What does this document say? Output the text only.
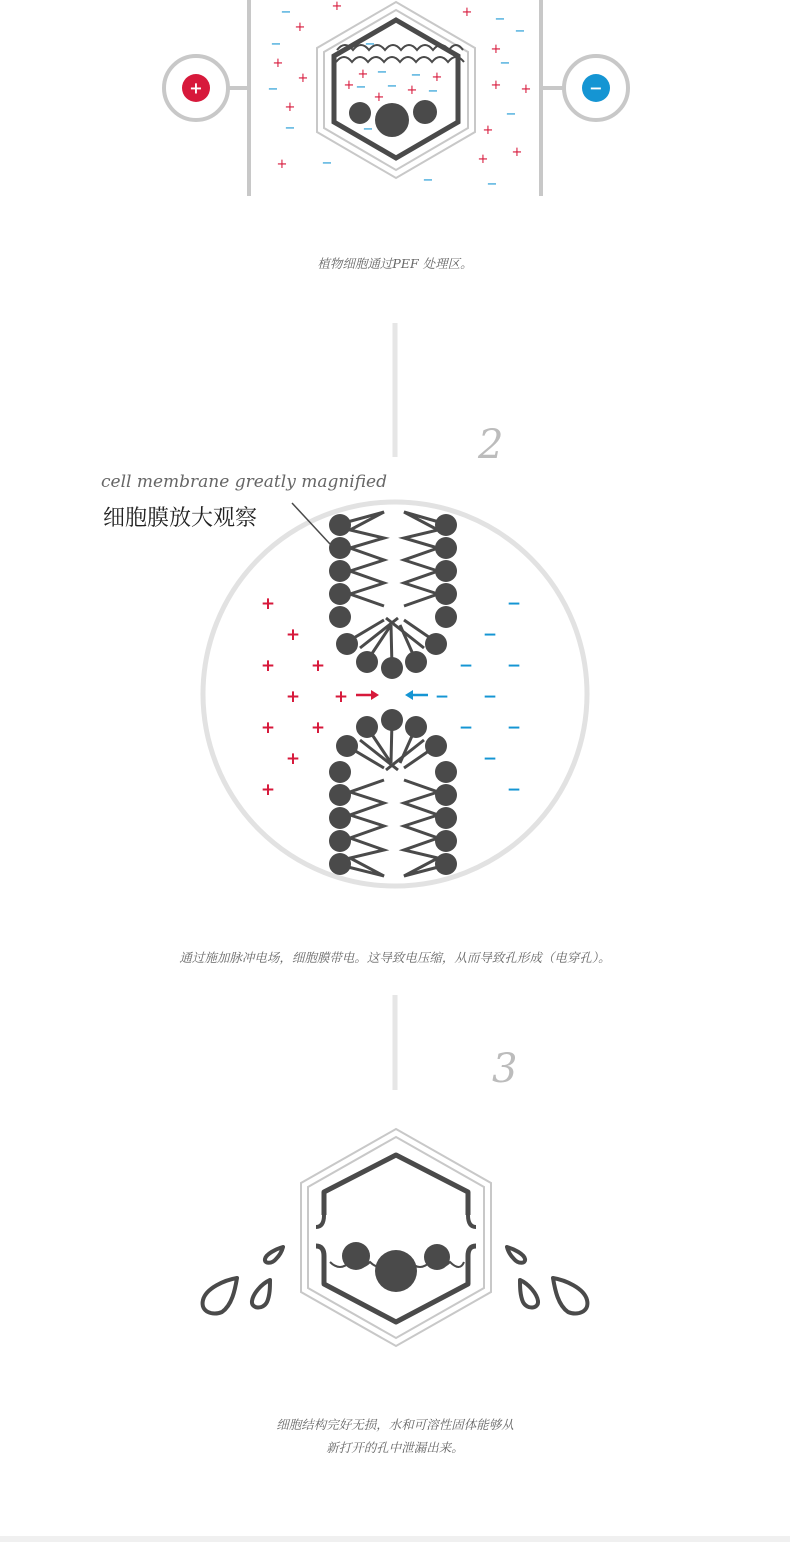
+	−
+	+
+
+
+
+	+
+	+	+	+ +
+
+
+
+
+
+
−	−
−
−	−
−
− −
−	−
−	−
−
−	−
−
−	−
+
+
+ +
+ +
+ +
+
+
−
−
− −
− −
− −
−
−

植物细胞通过PEF 处理区。

2
cell membrane greatly magnified
细胞膜放大观察

通过施加脉冲电场，细胞膜带电。这导致电压缩，从而导致孔形成（电穿孔）。

3
细胞结构完好无损，水和可溶性固体能够从
新打开的孔中泄漏出来。
